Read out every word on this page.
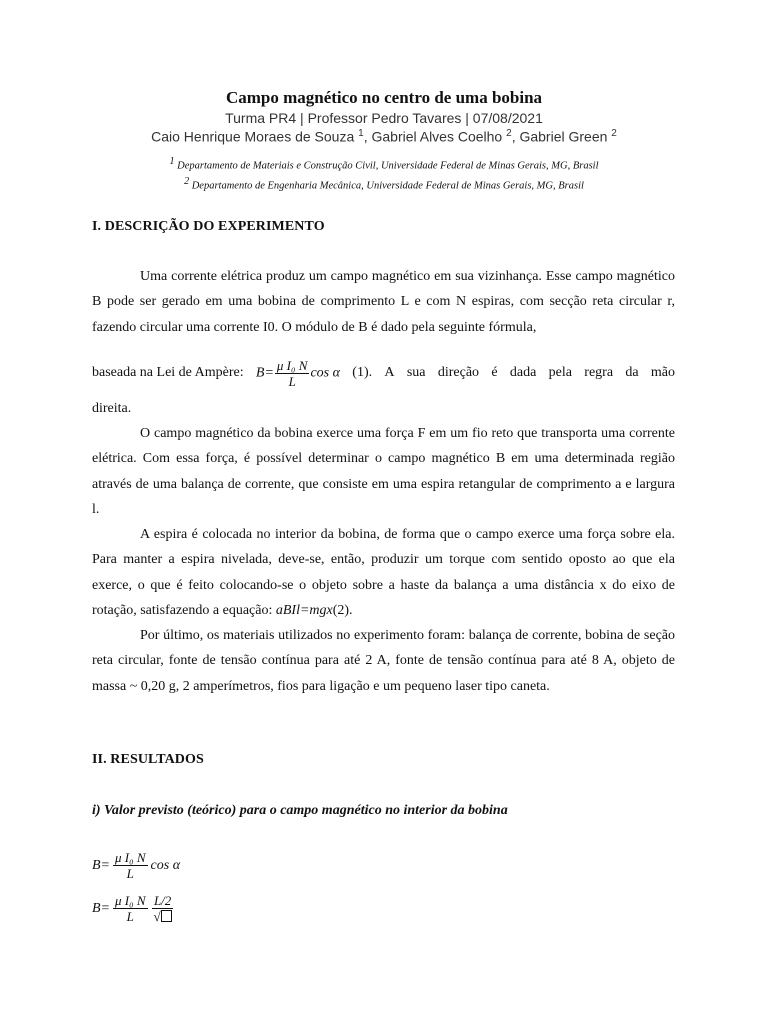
Campo magnético no centro de uma bobina
Turma PR4 | Professor Pedro Tavares | 07/08/2021
Caio Henrique Moraes de Souza $^1$, Gabriel Alves Coelho $^2$, Gabriel Green $^2$
$^1$ Departamento de Materiais e Construção Civil, Universidade Federal de Minas Gerais, MG, Brasil
$^2$ Departamento de Engenharia Mecânica, Universidade Federal de Minas Gerais, MG, Brasil
I. DESCRIÇÃO DO EXPERIMENTO
Uma corrente elétrica produz um campo magnético em sua vizinhança. Esse campo magnético B pode ser gerado em uma bobina de comprimento L e com N espiras, com secção reta circular r, fazendo circular uma corrente I0. O módulo de B é dado pela seguinte fórmula,
baseada na Lei de Ampère: $B= \frac{\text{μ I₀ N}}{L}$ cos α (1). A sua direção é dada pela regra da mão
direita.
O campo magnético da bobina exerce uma força F em um fio reto que transporta uma corrente elétrica. Com essa força, é possível determinar o campo magnético B em uma determinada região através de uma balança de corrente, que consiste em uma espira retangular de comprimento a e largura l.
A espira é colocada no interior da bobina, de forma que o campo exerce uma força sobre ela. Para manter a espira nivelada, deve-se, então, produzir um torque com sentido oposto ao que ela exerce, o que é feito colocando-se o objeto sobre a haste da balança a uma distância x do eixo de rotação, satisfazendo a equação: aBIl=mgx(2).
Por último, os materiais utilizados no experimento foram: balança de corrente, bobina de seção reta circular, fonte de tensão contínua para até 2 A, fonte de tensão contínua para até 8 A, objeto de massa ~ 0,20 g, 2 amperímetros, fios para ligação e um pequeno laser tipo caneta.
II. RESULTADOS
i) Valor previsto (teórico) para o campo magnético no interior da bobina
$B= \frac{\text{μ I₀ N}}{L}$ cos α
$B= \frac{\text{μ I₀ N}}{L} \frac{L/2}{√}$
